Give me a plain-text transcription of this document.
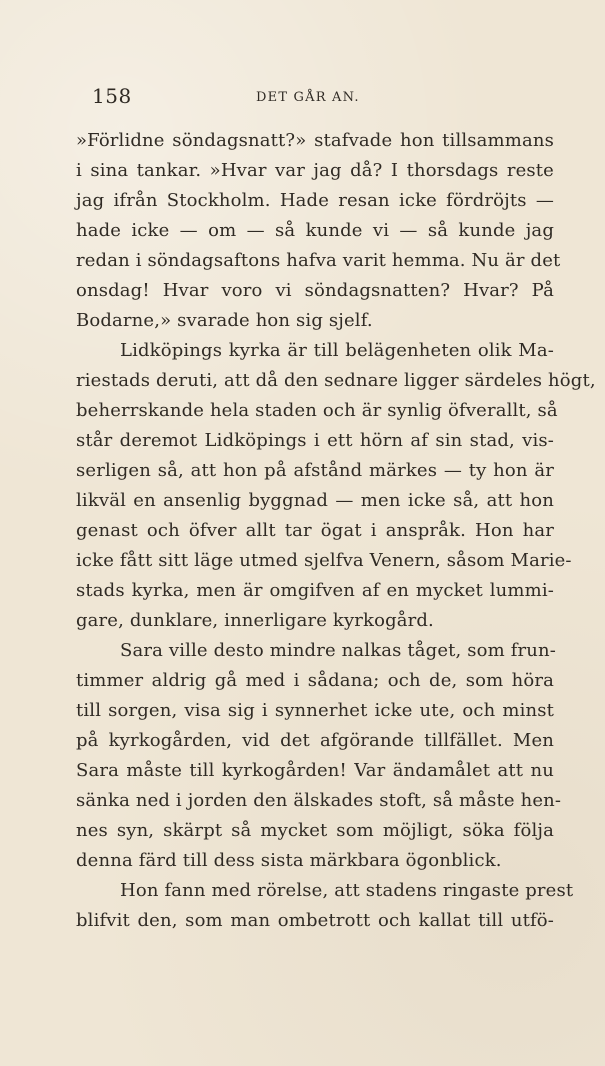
158	DET GÅR AN.
»Förlidne söndagsnatt?» stafvade hon tillsammans
i sina tankar. »Hvar var jag då? I thorsdags reste
jag ifrån Stockholm. Hade resan icke fördröjts —
hade icke — om — så kunde vi — så kunde jag
redan i söndagsaftons hafva varit hemma. Nu är det
onsdag! Hvar voro vi söndagsnatten? Hvar? På
Bodarne,» svarade hon sig sjelf.
Lidköpings kyrka är till belägenheten olik Ma-
riestads deruti, att då den sednare ligger särdeles högt,
beherrskande hela staden och är synlig öfverallt, så
står deremot Lidköpings i ett hörn af sin stad, vis-
serligen så, att hon på afstånd märkes — ty hon är
likväl en ansenlig byggnad — men icke så, att hon
genast och öfver allt tar ögat i anspråk. Hon har
icke fått sitt läge utmed sjelfva Venern, såsom Marie-
stads kyrka, men är omgifven af en mycket lummi-
gare, dunklare, innerligare kyrkogård.
Sara ville desto mindre nalkas tåget, som frun-
timmer aldrig gå med i sådana; och de, som höra
till sorgen, visa sig i synnerhet icke ute, och minst
på kyrkogården, vid det afgörande tillfället. Men
Sara måste till kyrkogården! Var ändamålet att nu
sänka ned i jorden den älskades stoft, så måste hen-
nes syn, skärpt så mycket som möjligt, söka följa
denna färd till dess sista märkbara ögonblick.
Hon fann med rörelse, att stadens ringaste prest
blifvit den, som man ombetrott och kallat till utfö-
